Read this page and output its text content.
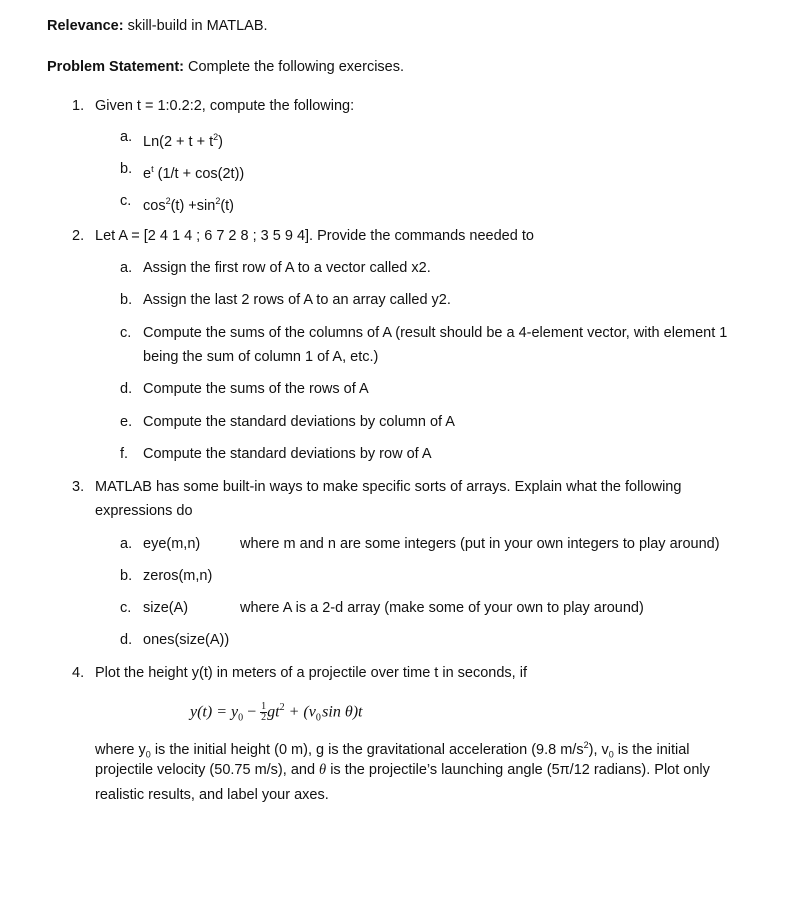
Relevance: skill-build in MATLAB.
Problem Statement: Complete the following exercises.
1. Given t = 1:0.2:2, compute the following:
a. $Ln(2 + t + t^2)$
b. $e^t$ (1/t + cos(2t))
c. $\cos^2(t) +\sin^2(t)$
2. Let A = [2 4 1 4 ; 6 7 2 8 ; 3 5 9 4]. Provide the commands needed to
a. Assign the first row of A to a vector called x2.
b. Assign the last 2 rows of A to an array called y2.
c. Compute the sums of the columns of A (result should be a 4-element vector, with element 1
being the sum of column 1 of A, etc.)
d. Compute the sums of the rows of A
e. Compute the standard deviations by column of A
f. Compute the standard deviations by row of A
3. MATLAB has some built-in ways to make specific sorts of arrays. Explain what the following
expressions do
a. eye(m,n)	where m and n are some integers (put in your own integers to play around)
b. zeros(m,n)
c. size(A)	where A is a 2-d array (make some of your own to play around)
d. ones(size(A))
4. Plot the height y(t) in meters of a projectile over time t in seconds, if
$y(t) = y_0 - \frac{1}{2} gt^2 + (v_0$ sin θ)t
where $y_0$ is the initial height (0 m), g is the gravitational acceleration (9.8 $m/s^2$), $v_0$ is the initial
projectile velocity (50.75 m/s), and θ is the projectile’s launching angle (5π/12 radians). Plot only
realistic results, and label your axes.
